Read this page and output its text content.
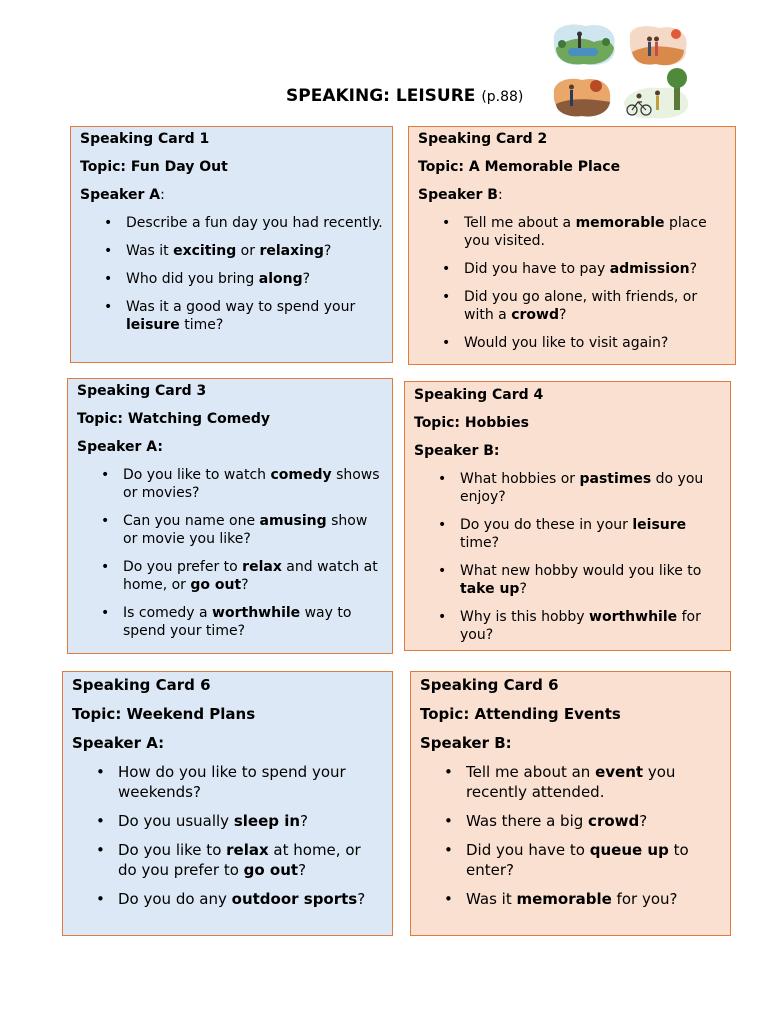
SPEAKING: LEISURE (p.88)

Speaking Card 1

Topic: Fun Day Out

Speaker A:

• Describe a fun day you had recently.
• Was it exciting or relaxing?
• Who did you bring along?
• Was it a good way to spend your leisure time?

Speaking Card 2

Topic: A Memorable Place

Speaker B:

• Tell me about a memorable place you visited.
• Did you have to pay admission?
• Did you go alone, with friends, or with a crowd?
• Would you like to visit again?

Speaking Card 3

Topic: Watching Comedy

Speaker A:

• Do you like to watch comedy shows or movies?
• Can you name one amusing show or movie you like?
• Do you prefer to relax and watch at home, or go out?
• Is comedy a worthwhile way to spend your time?

Speaking Card 4

Topic: Hobbies

Speaker B:

• What hobbies or pastimes do you enjoy?
• Do you do these in your leisure time?
• What new hobby would you like to take up?
• Why is this hobby worthwhile for you?

Speaking Card 6

Topic: Weekend Plans

Speaker A:

• How do you like to spend your weekends?
• Do you usually sleep in?
• Do you like to relax at home, or do you prefer to go out?
• Do you do any outdoor sports?

Speaking Card 6

Topic: Attending Events

Speaker B:

• Tell me about an event you recently attended.
• Was there a big crowd?
• Did you have to queue up to enter?
• Was it memorable for you?
